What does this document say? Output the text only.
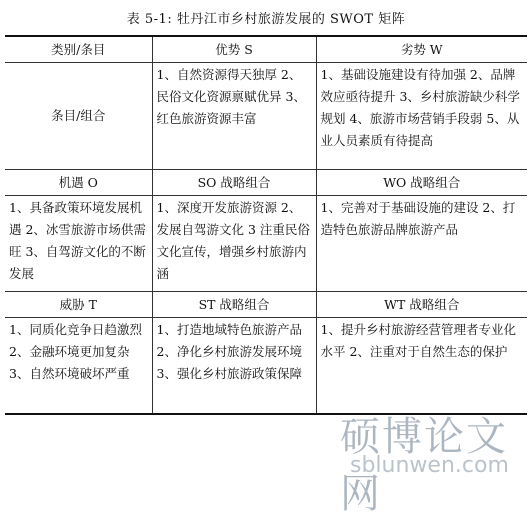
表 5-1: 牡丹江市乡村旅游发展的 SWOT 矩阵
类别/条目	优势 S	劣势 W
条目/组合	1、自然资源得天独厚 2、民俗文化资源禀赋优异 3、红色旅游资源丰富	1、基础设施建设有待加强 2、品牌效应亟待提升 3、乡村旅游缺少科学规划 4、旅游市场营销手段弱 5、从业人员素质有待提高
机遇 O	SO 战略组合	WO 战略组合
1、具备政策环境发展机遇 2、冰雪旅游市场供需旺 3、自驾游文化的不断发展	1、深度开发旅游资源 2、发展自驾游文化 3 注重民俗文化宣传，增强乡村旅游内涵	1、完善对于基础设施的建设 2、打造特色旅游品牌旅游产品
威胁 T	ST 战略组合	WT 战略组合
1、同质化竞争日趋激烈 2、金融环境更加复杂 3、自然环境破坏严重	1、打造地域特色旅游产品 2、净化乡村旅游发展环境 3、强化乡村旅游政策保障	1、提升乡村旅游经营管理者专业化水平 2、注重对于自然生态的保护
硕博论文网
sblunwen.com
